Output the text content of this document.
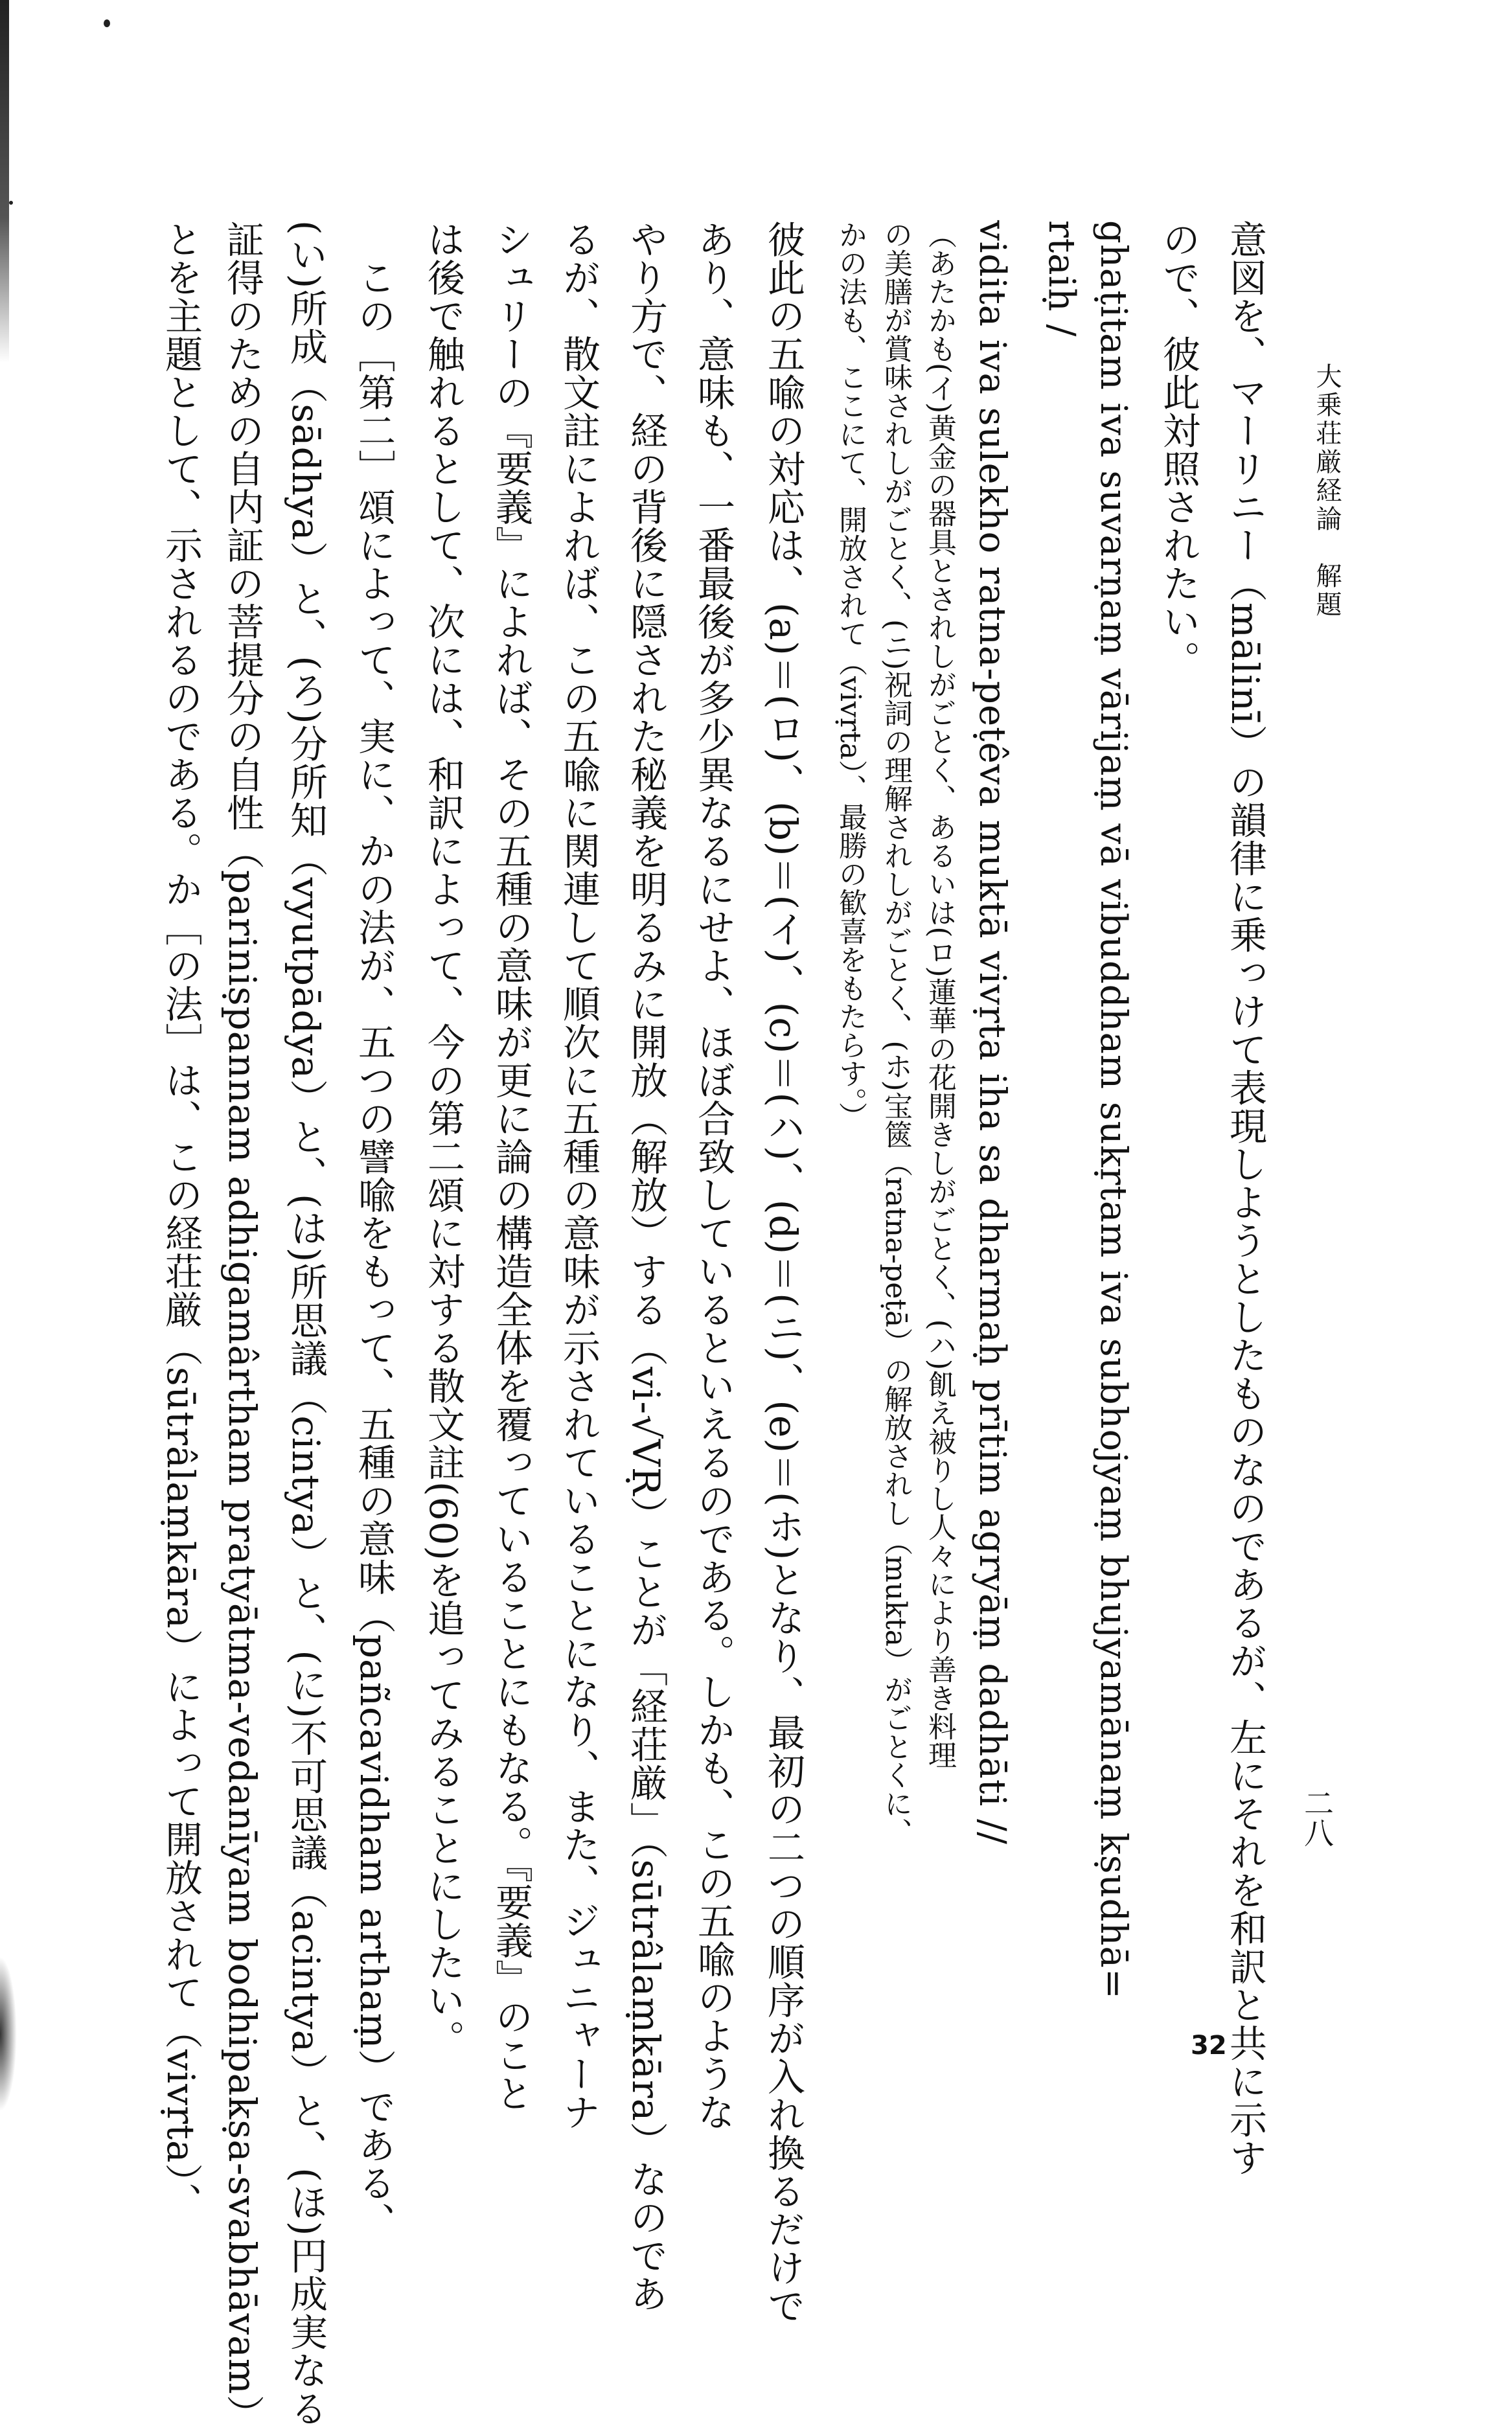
大乗荘厳経論　解題
二八
32
意図を、マーリニー（mālinī）の韻律に乗っけて表現しようとしたものなのであるが、左にそれを和訳と共に示す
ので、彼此対照されたい。
ghaṭitam iva suvarṇaṃ vārijaṃ vā vibuddham sukṛtam iva subhojyaṃ bhujyamānaṃ kṣudhā=
rtaiḥ /
vidita iva sulekho ratna-peṭêva muktā vivṛta iha sa dharmaḥ prītim agryāṃ dadhāti //
（あたかも(イ)黄金の器具とされしがごとく、あるいは(ロ)蓮華の花開きしがごとく、(ハ)飢え被りし人々により善き料理
の美膳が賞味されしがごとく、(ニ)祝詞の理解されしがごとく、(ホ)宝篋（ratna-peṭā）の解放されし（mukta）がごとくに、
かの法も、ここにて、開放されて（vivṛta）、最勝の歓喜をもたらす。）
彼此の五喩の対応は、(a)＝(ロ)、(b)＝(イ)、(c)＝(ハ)、(d)＝(ニ)、(e)＝(ホ)となり、最初の二つの順序が入れ換るだけで
あり、意味も、一番最後が多少異なるにせよ、ほぼ合致しているといえるのである。しかも、この五喩のような
やり方で、経の背後に隠された秘義を明るみに開放（解放）する（vi-√VṚ）ことが「経荘厳」（sūtrâlaṃkāra）なのであ
るが、散文註によれば、この五喩に関連して順次に五種の意味が示されていることになり、また、ジュニャーナ
シュリーの『要義』によれば、その五種の意味が更に論の構造全体を覆っていることにもなる。『要義』のこと
は後で触れるとして、次には、和訳によって、今の第二頌に対する散文註(60)を追ってみることにしたい。
　この［第二］頌によって、実に、かの法が、五つの譬喩をもって、五種の意味（pañcavidham arthaṃ）である、
(い)所成（sādhya）と、(ろ)分所知（vyutpādya）と、(は)所思議（cintya）と、(に)不可思議（acintya）と、(ほ)円成実なる
証得のための自内証の菩提分の自性（pariniṣpannam adhigamârtham pratyātma-vedanīyam bodhipakṣa-svabhāvam）
とを主題として、示されるのである。か［の法］は、この経荘厳（sūtrâlaṃkāra）によって開放されて（vivṛta）、
